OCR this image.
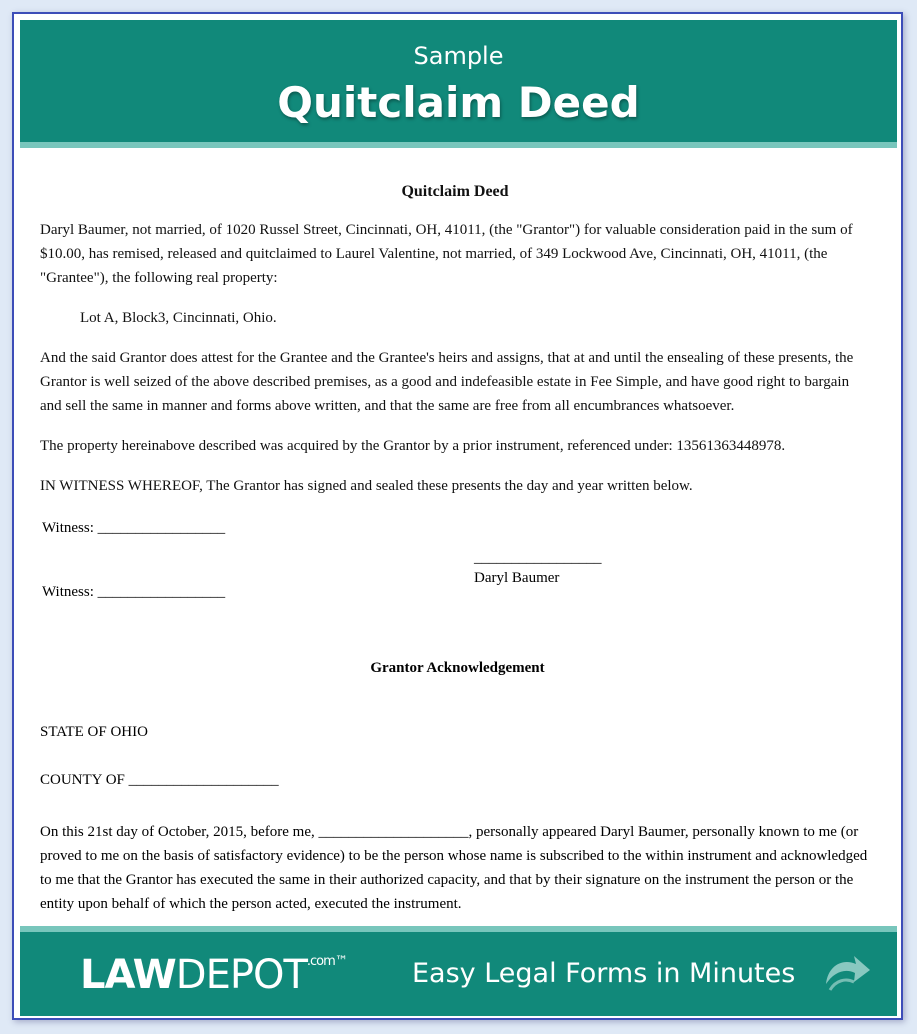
Sample
Quitclaim Deed
Quitclaim Deed

Daryl Baumer, not married, of 1020 Russel Street, Cincinnati, OH, 41011, (the "Grantor") for valuable consideration paid in the sum of $10.00, has remised, released and quitclaimed to Laurel Valentine, not married, of 349 Lockwood Ave, Cincinnati, OH, 41011, (the "Grantee"), the following real property:

Lot A, Block3, Cincinnati, Ohio.

And the said Grantor does attest for the Grantee and the Grantee's heirs and assigns, that at and until the ensealing of these presents, the Grantor is well seized of the above described premises, as a good and indefeasible estate in Fee Simple, and have good right to bargain and sell the same in manner and forms above written, and that the same are free from all encumbrances whatsoever.

The property hereinabove described was acquired by the Grantor by a prior instrument, referenced under: 13561363448978.

IN WITNESS WHEREOF, The Grantor has signed and sealed these presents the day and year written below.

Witness: _________________
_________________
Daryl Baumer
Witness: _________________
Grantor Acknowledgement
STATE OF OHIO
COUNTY OF ____________________
On this 21st day of October, 2015, before me, ____________________, personally appeared Daryl Baumer, personally known to me (or proved to me on the basis of satisfactory evidence) to be the person whose name is subscribed to the within instrument and acknowledged to me that the Grantor has executed the same in their authorized capacity, and that by their signature on the instrument the person or the entity upon behalf of which the person acted, executed the instrument.
$LAWDEPOT^{.com™}$ Easy Legal Forms in Minutes
